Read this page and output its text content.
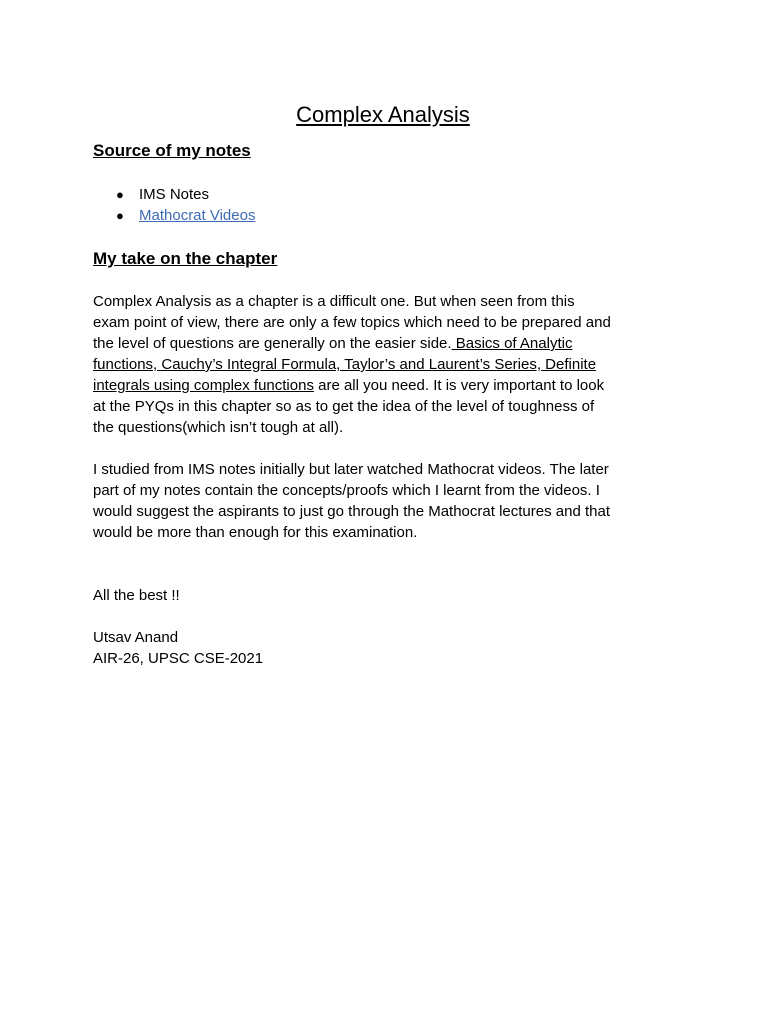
Complex Analysis
Source of my notes
● IMS Notes
● Mathocrat Videos
My take on the chapter

Complex Analysis as a chapter is a difficult one. But when seen from this
exam point of view, there are only a few topics which need to be prepared and
the level of questions are generally on the easier side. Basics of Analytic
functions, Cauchy’s Integral Formula, Taylor’s and Laurent’s Series, Definite
integrals using complex functions are all you need. It is very important to look
at the PYQs in this chapter so as to get the idea of the level of toughness of
the questions(which isn’t tough at all).

I studied from IMS notes initially but later watched Mathocrat videos. The later
part of my notes contain the concepts/proofs which I learnt from the videos. I
would suggest the aspirants to just go through the Mathocrat lectures and that
would be more than enough for this examination.

All the best !!

Utsav Anand
AIR-26, UPSC CSE-2021
